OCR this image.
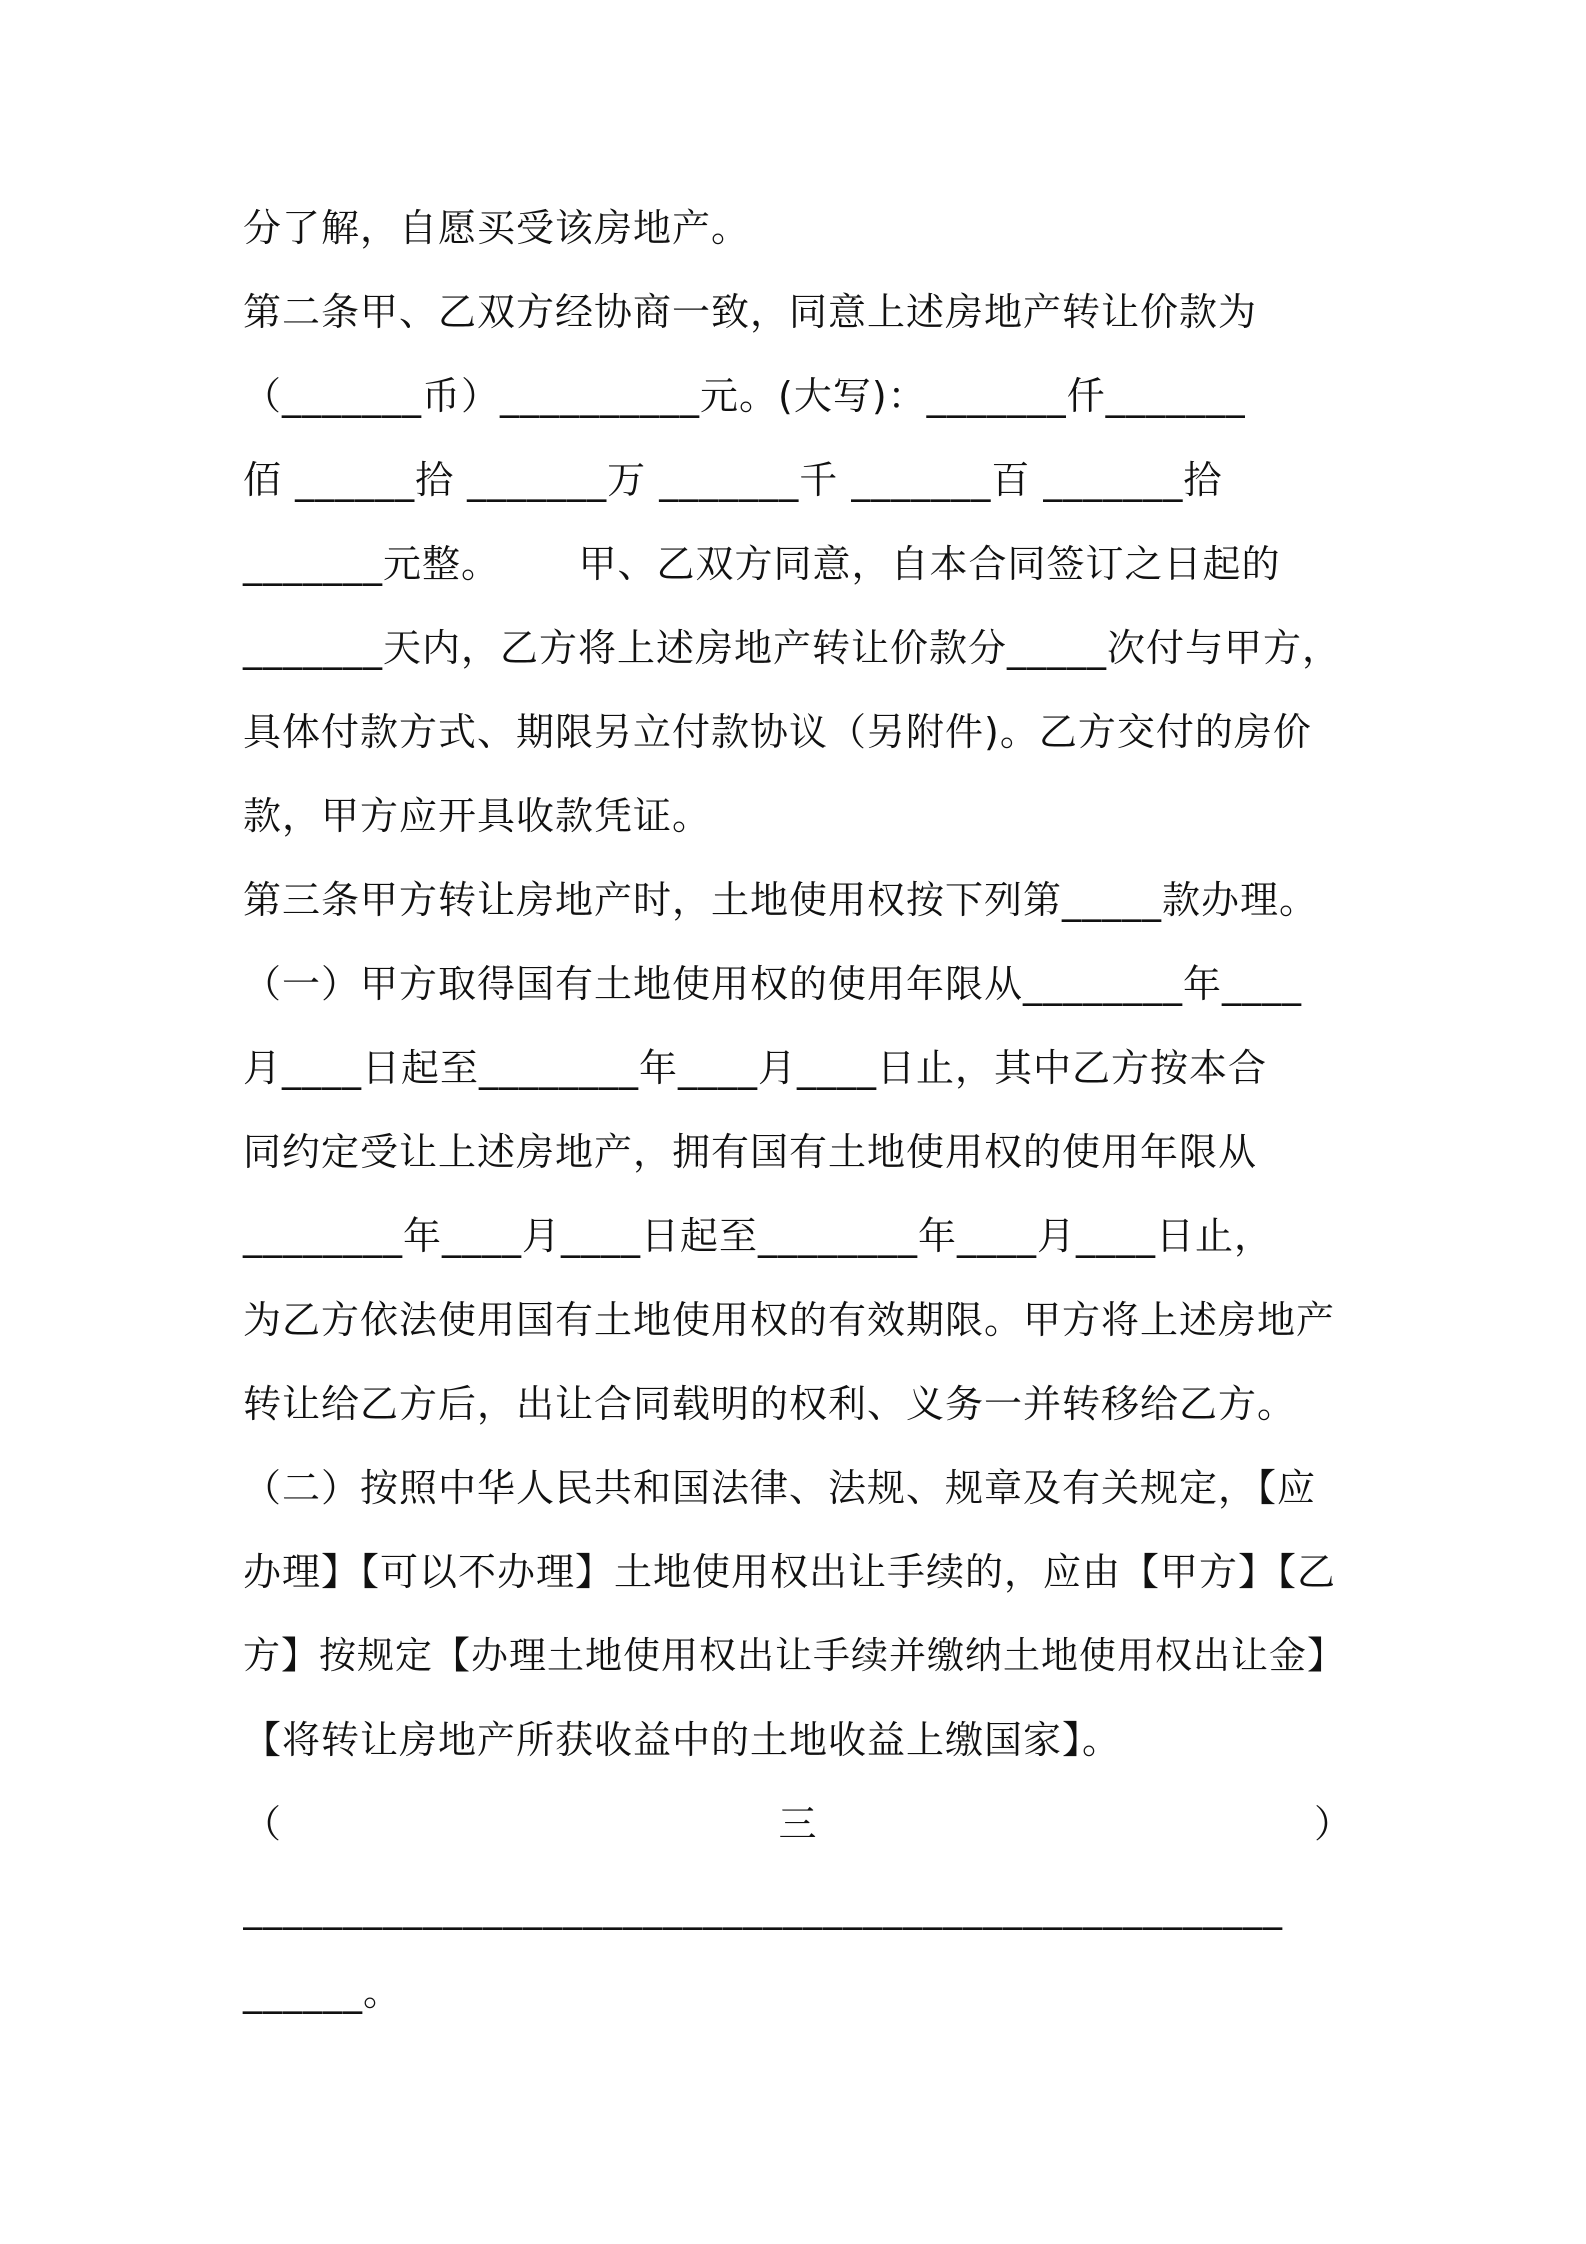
分了解，自愿买受该房地产。
第二条甲、乙双方经协商一致，同意上述房地产转让价款为
（_______币）__________元。(大写)：_______仟_______
佰 ______拾 _______万 _______千 _______百 _______拾
_______元整。      甲、乙双方同意，自本合同签订之日起的
_______天内，乙方将上述房地产转让价款分_____次付与甲方，
具体付款方式、期限另立付款协议（另附件)。乙方交付的房价
款，甲方应开具收款凭证。
第三条甲方转让房地产时，土地使用权按下列第_____款办理。
（一）甲方取得国有土地使用权的使用年限从________年____
月____日起至________年____月____日止，其中乙方按本合
同约定受让上述房地产，拥有国有土地使用权的使用年限从
________年____月____日起至________年____月____日止，
为乙方依法使用国有土地使用权的有效期限。甲方将上述房地产
转让给乙方后，出让合同载明的权利、义务一并转移给乙方。
（二）按照中华人民共和国法律、法规、规章及有关规定，【应
办理】【可以不办理】土地使用权出让手续的，应由【甲方】【乙
方】按规定【办理土地使用权出让手续并缴纳土地使用权出让金】
【将转让房地产所获收益中的土地收益上缴国家】。
（	三	）
____________________________________________________
______。
